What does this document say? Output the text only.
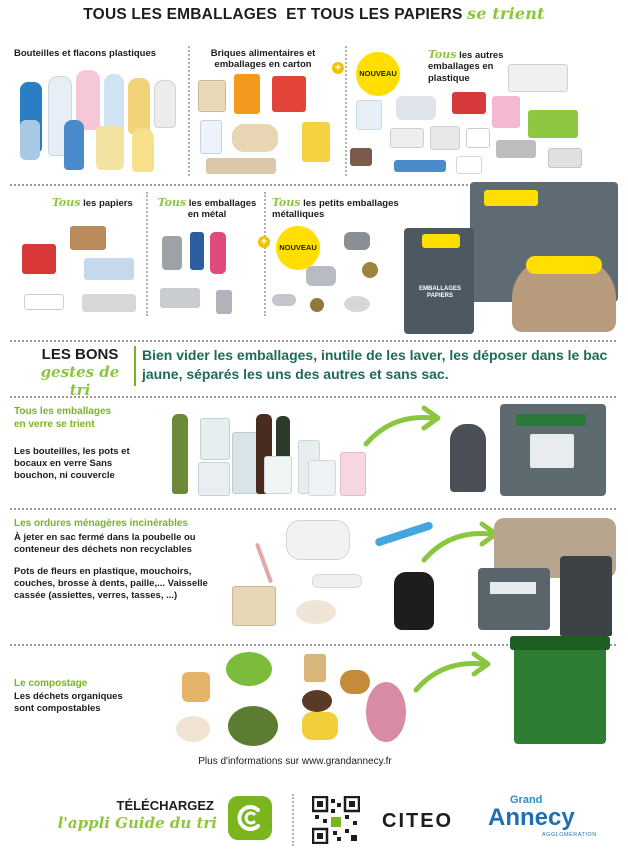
TOUS LES EMBALLAGES ET TOUS LES PAPIERS se trient
Bouteilles et flacons plastiques	Briques alimentaires et emballages en carton	+	NOUVEAU
Tous les autres emballages en plastique
Tous les papiers	Tous les emballages en métal
Tous les petits emballages métalliques
+	NOUVEAU
EMBALLAGES PAPIERS
LES BONS
gestes de tri
Bien vider les emballages, inutile de les laver, les déposer dans le bac jaune, séparés les uns des autres et sans sac.
Tous les emballages en verre se trient
Les bouteilles, les pots et bocaux en verre Sans bouchon, ni couvercle
Les ordures ménagères incinérables
À jeter en sac fermé dans la poubelle ou conteneur des déchets non recyclables
Pots de fleurs en plastique, mouchoirs, couches, brosse à dents, paille,... Vaisselle cassée (assiettes, verres, tasses, ...)
Le compostage
Les déchets organiques sont compostables
Plus d'informations sur www.grandannecy.fr
TÉLÉCHARGEZ
l'appli Guide du tri	CITEO
Grand
Annecy
AGGLOMÉRATION
